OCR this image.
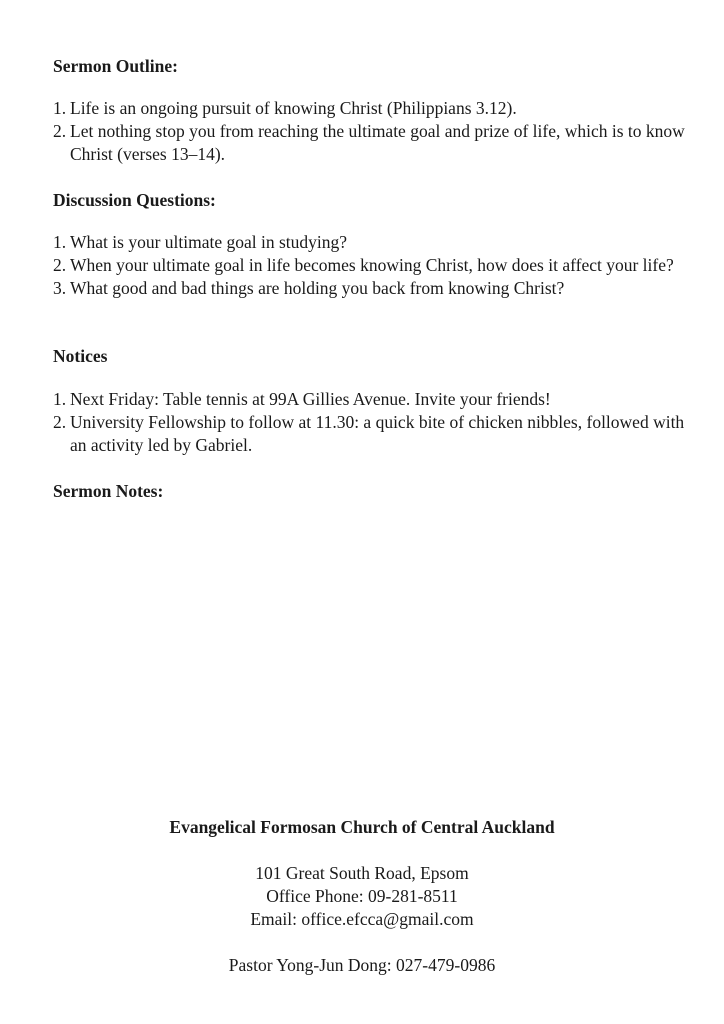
Sermon Outline:
1. Life is an ongoing pursuit of knowing Christ (Philippians 3.12).
2. Let nothing stop you from reaching the ultimate goal and prize of life, which is to know Christ (verses 13–14).
Discussion Questions:
1. What is your ultimate goal in studying?
2. When your ultimate goal in life becomes knowing Christ, how does it affect your life?
3. What good and bad things are holding you back from knowing Christ?
Notices
1. Next Friday: Table tennis at 99A Gillies Avenue. Invite your friends!
2. University Fellowship to follow at 11.30: a quick bite of chicken nibbles, followed with an activity led by Gabriel.
Sermon Notes:
Evangelical Formosan Church of Central Auckland
101 Great South Road, Epsom
Office Phone: 09-281-8511
Email: office.efcca@gmail.com
Pastor Yong-Jun Dong: 027-479-0986
